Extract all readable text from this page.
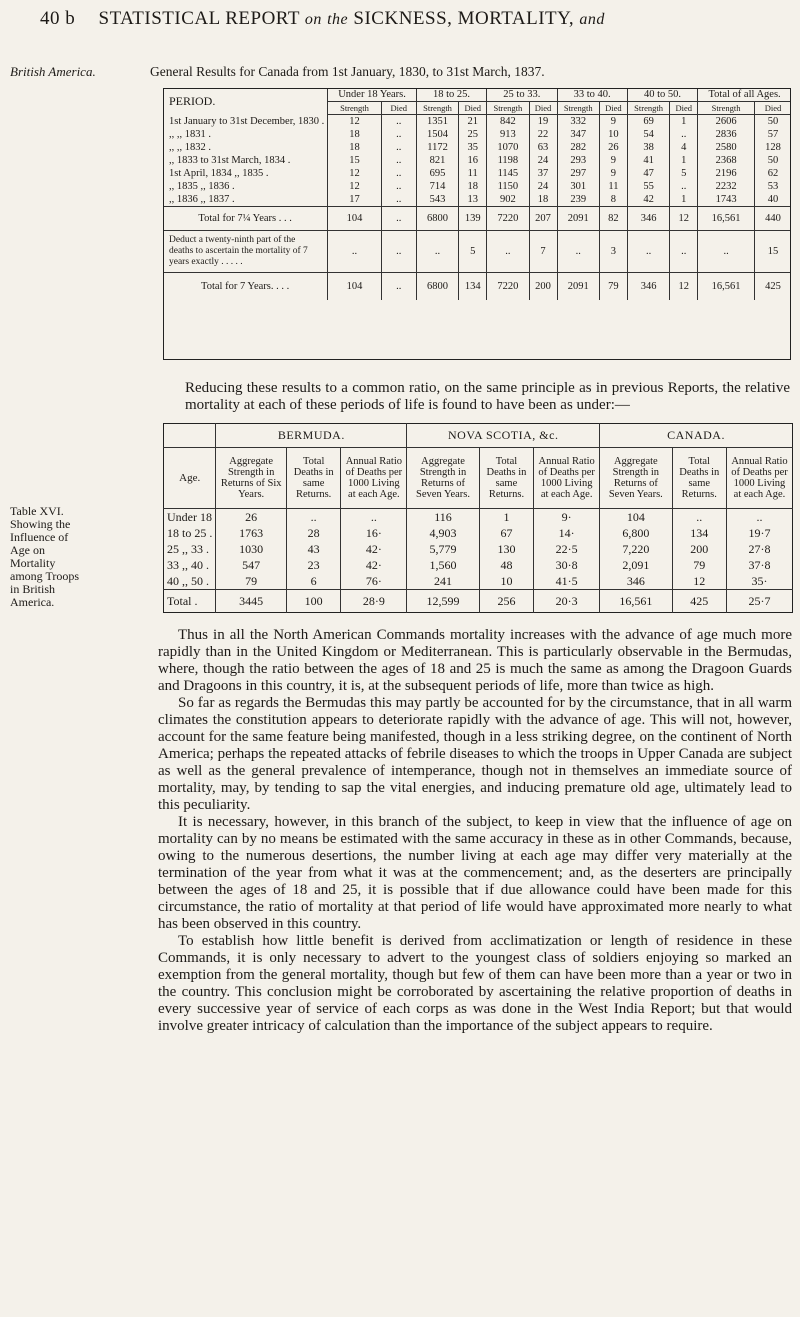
40 b STATISTICAL REPORT on the SICKNESS, MORTALITY, and
British America.	General Results for Canada from 1st January, 1830, to 31st March, 1837.
PERIOD.	Under 18 Years.		18 to 25.		25 to 33.		33 to 40.		40 to 50.		Total of all Ages.	
	Strength	Died	Strength	Died	Strength	Died	Strength	Died	Strength	Died	Strength	Died
1st January to 31st December, 1830 .	12	..	1351	21	842	19	332	9	69	1	2606	50
,, ,, 1831 .	18	..	1504	25	913	22	347	10	54	..	2836	57
,, ,, 1832 .	18	..	1172	35	1070	63	282	26	38	4	2580	128
,, 1833 to 31st March, 1834 .	15	..	821	16	1198	24	293	9	41	1	2368	50
1st April, 1834 ,, 1835 .	12	..	695	11	1145	37	297	9	47	5	2196	62
,, 1835 ,, 1836 .	12	..	714	18	1150	24	301	11	55	..	2232	53
,, 1836 ,, 1837 .	17	..	543	13	902	18	239	8	42	1	1743	40
Total for 7¼ Years . . .	104	..	6800	139	7220	207	2091	82	346	12	16,561	440
Deduct a twenty-ninth part of the deaths to ascertain the mortality of 7 years exactly . . . . .	..	..	..	5	..	7	..	3	..	..	..	15
Total for 7 Years. . . .	104	..	6800	134	7220	200	2091	79	346	12	16,561	425
Reducing these results to a common ratio, on the same principle as in previous Reports, the relative mortality at each of these periods of life is found to have been as under:—
Table XVI. Showing the Influence of Age on Mortality among Troops in British America.
	BERMUDA.			NOVA SCOTIA, &c.			CANADA.		
Age.	Aggregate Strength in Returns of Six Years.	Total Deaths in same Returns.	Annual Ratio of Deaths per 1000 Living at each Age.	Aggregate Strength in Returns of Seven Years.	Total Deaths in same Returns.	Annual Ratio of Deaths per 1000 Living at each Age.	Aggregate Strength in Returns of Seven Years.	Total Deaths in same Returns.	Annual Ratio of Deaths per 1000 Living at each Age.
Under 18	26	..	..	116	1	9·	104	..	..
18 to 25 .	1763	28	16·	4,903	67	14·	6,800	134	19·7
25 ,, 33 .	1030	43	42·	5,779	130	22·5	7,220	200	27·8
33 ,, 40 .	547	23	42·	1,560	48	30·8	2,091	79	37·8
40 ,, 50 .	79	6	76·	241	10	41·5	346	12	35·
Total .	3445	100	28·9	12,599	256	20·3	16,561	425	25·7

Thus in all the North American Commands mortality increases with the advance of age much more rapidly than in the United Kingdom or Mediterranean. This is particularly observable in the Bermudas, where, though the ratio between the ages of 18 and 25 is much the same as among the Dragoon Guards and Dragoons in this country, it is, at the subsequent periods of life, more than twice as high.

So far as regards the Bermudas this may partly be accounted for by the circumstance, that in all warm climates the constitution appears to deteriorate rapidly with the advance of age. This will not, however, account for the same feature being manifested, though in a less striking degree, on the continent of North America; perhaps the repeated attacks of febrile diseases to which the troops in Upper Canada are subject as well as the general prevalence of intemperance, though not in themselves an immediate source of mortality, may, by tending to sap the vital energies, and inducing premature old age, ultimately lead to this peculiarity.

It is necessary, however, in this branch of the subject, to keep in view that the influence of age on mortality can by no means be estimated with the same accuracy in these as in other Commands, because, owing to the numerous desertions, the number living at each age may differ very materially at the termination of the year from what it was at the commencement; and, as the deserters are principally between the ages of 18 and 25, it is possible that if due allowance could have been made for this circumstance, the ratio of mortality at that period of life would have approximated more nearly to what has been observed in this country.

To establish how little benefit is derived from acclimatization or length of residence in these Commands, it is only necessary to advert to the youngest class of soldiers enjoying so marked an exemption from the general mortality, though but few of them can have been more than a year or two in the country. This conclusion might be corroborated by ascertaining the relative proportion of deaths in every successive year of service of each corps as was done in the West India Report; but that would involve greater intricacy of calculation than the importance of the subject appears to require.
